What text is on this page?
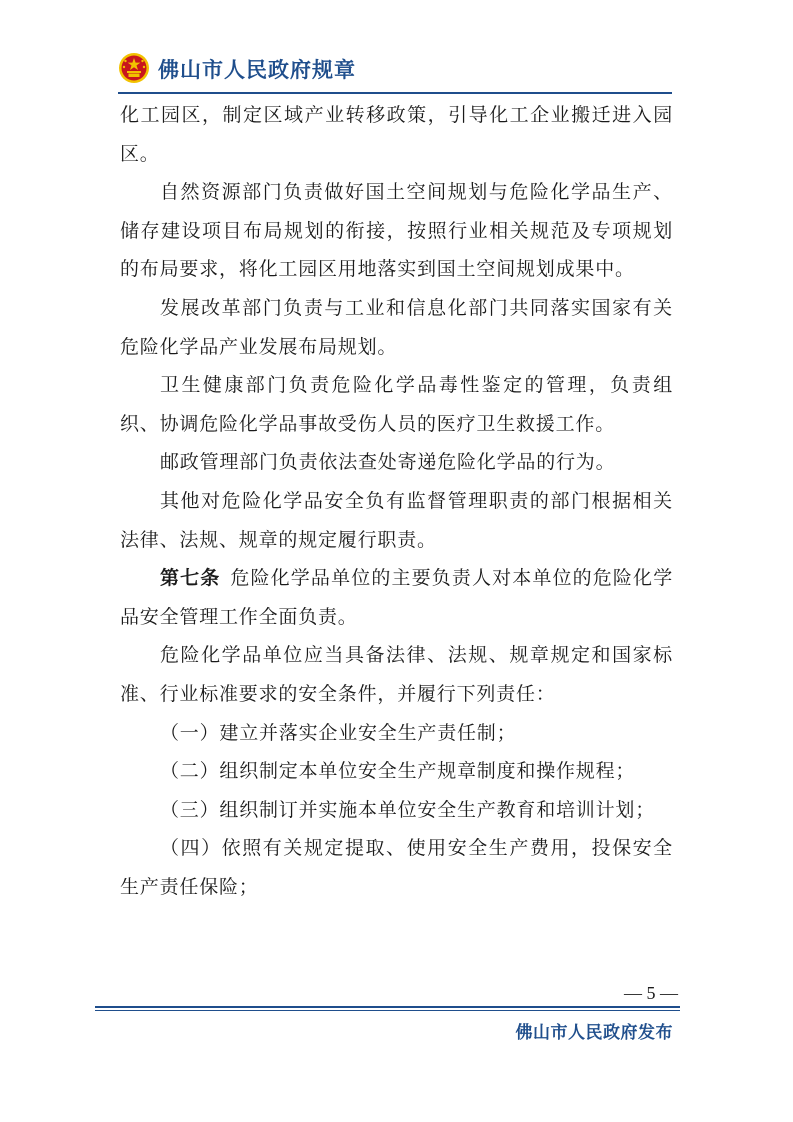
佛山市人民政府规章

化工园区，制定区域产业转移政策，引导化工企业搬迁进入园区。

自然资源部门负责做好国土空间规划与危险化学品生产、储存建设项目布局规划的衔接，按照行业相关规范及专项规划的布局要求，将化工园区用地落实到国土空间规划成果中。

发展改革部门负责与工业和信息化部门共同落实国家有关危险化学品产业发展布局规划。

卫生健康部门负责危险化学品毒性鉴定的管理，负责组织、协调危险化学品事故受伤人员的医疗卫生救援工作。

邮政管理部门负责依法查处寄递危险化学品的行为。

其他对危险化学品安全负有监督管理职责的部门根据相关法律、法规、规章的规定履行职责。

第七条 危险化学品单位的主要负责人对本单位的危险化学品安全管理工作全面负责。

危险化学品单位应当具备法律、法规、规章规定和国家标准、行业标准要求的安全条件，并履行下列责任：

（一）建立并落实企业安全生产责任制；

（二）组织制定本单位安全生产规章制度和操作规程；

（三）组织制订并实施本单位安全生产教育和培训计划；

（四）依照有关规定提取、使用安全生产费用，投保安全生产责任保险；

— 5 —
佛山市人民政府发布
